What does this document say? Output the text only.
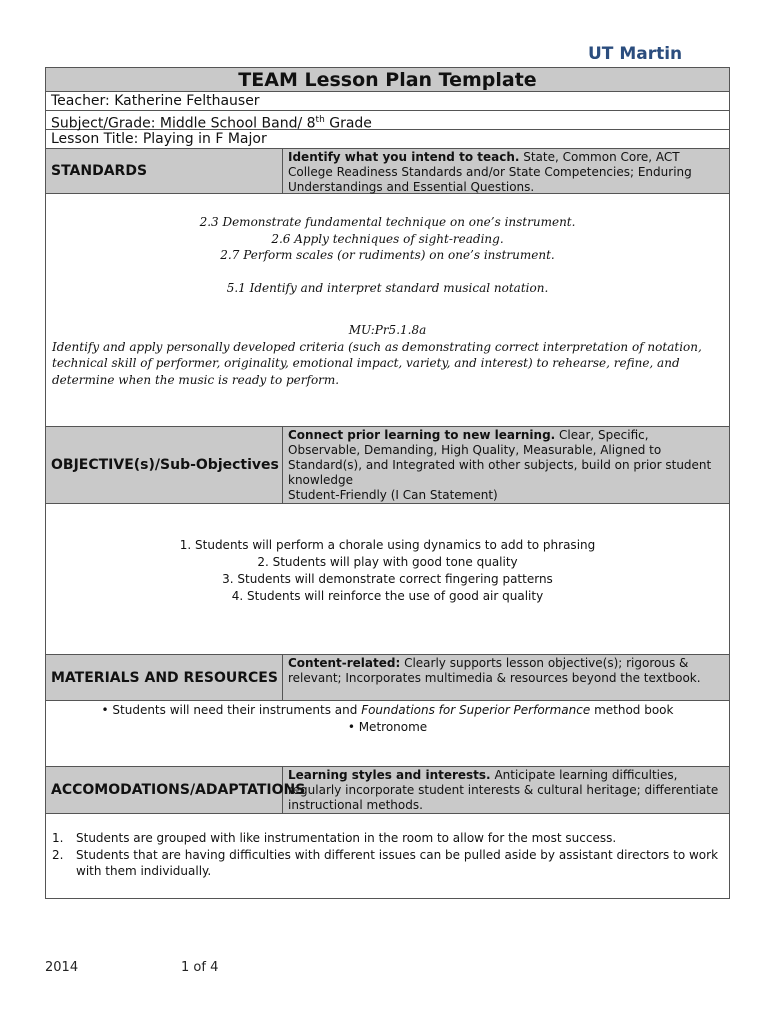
UT Martin
TEAM Lesson Plan Template
Teacher: Katherine Felthauser
Subject/Grade: Middle School Band/ 8th Grade
Lesson Title: Playing in F Major
STANDARDS
Identify what you intend to teach. State, Common Core, ACT College Readiness Standards and/or State Competencies; Enduring Understandings and Essential Questions.
2.3 Demonstrate fundamental technique on one’s instrument.
2.6 Apply techniques of sight-reading.
2.7 Perform scales (or rudiments) on one’s instrument.
5.1 Identify and interpret standard musical notation.
MU:Pr5.1.8a
Identify and apply personally developed criteria (such as demonstrating correct interpretation of notation, technical skill of performer, originality, emotional impact, variety, and interest) to rehearse, refine, and determine when the music is ready to perform.
OBJECTIVE(s)/Sub-Objectives
Connect prior learning to new learning. Clear, Specific, Observable, Demanding, High Quality, Measurable, Aligned to Standard(s), and Integrated with other subjects, build on prior student knowledge
Student-Friendly (I Can Statement)
1. Students will perform a chorale using dynamics to add to phrasing
2. Students will play with good tone quality
3. Students will demonstrate correct fingering patterns
4. Students will reinforce the use of good air quality
MATERIALS AND RESOURCES
Content-related: Clearly supports lesson objective(s); rigorous & relevant; Incorporates multimedia & resources beyond the textbook.
• Students will need their instruments and Foundations for Superior Performance method book
• Metronome
ACCOMODATIONS/ADAPTATIONS
Learning styles and interests. Anticipate learning difficulties, regularly incorporate student interests & cultural heritage; differentiate instructional methods.
1.	Students are grouped with like instrumentation in the room to allow for the most success.
2.	Students that are having difficulties with different issues can be pulled aside by assistant directors to work with them individually.
2014	1 of 4
